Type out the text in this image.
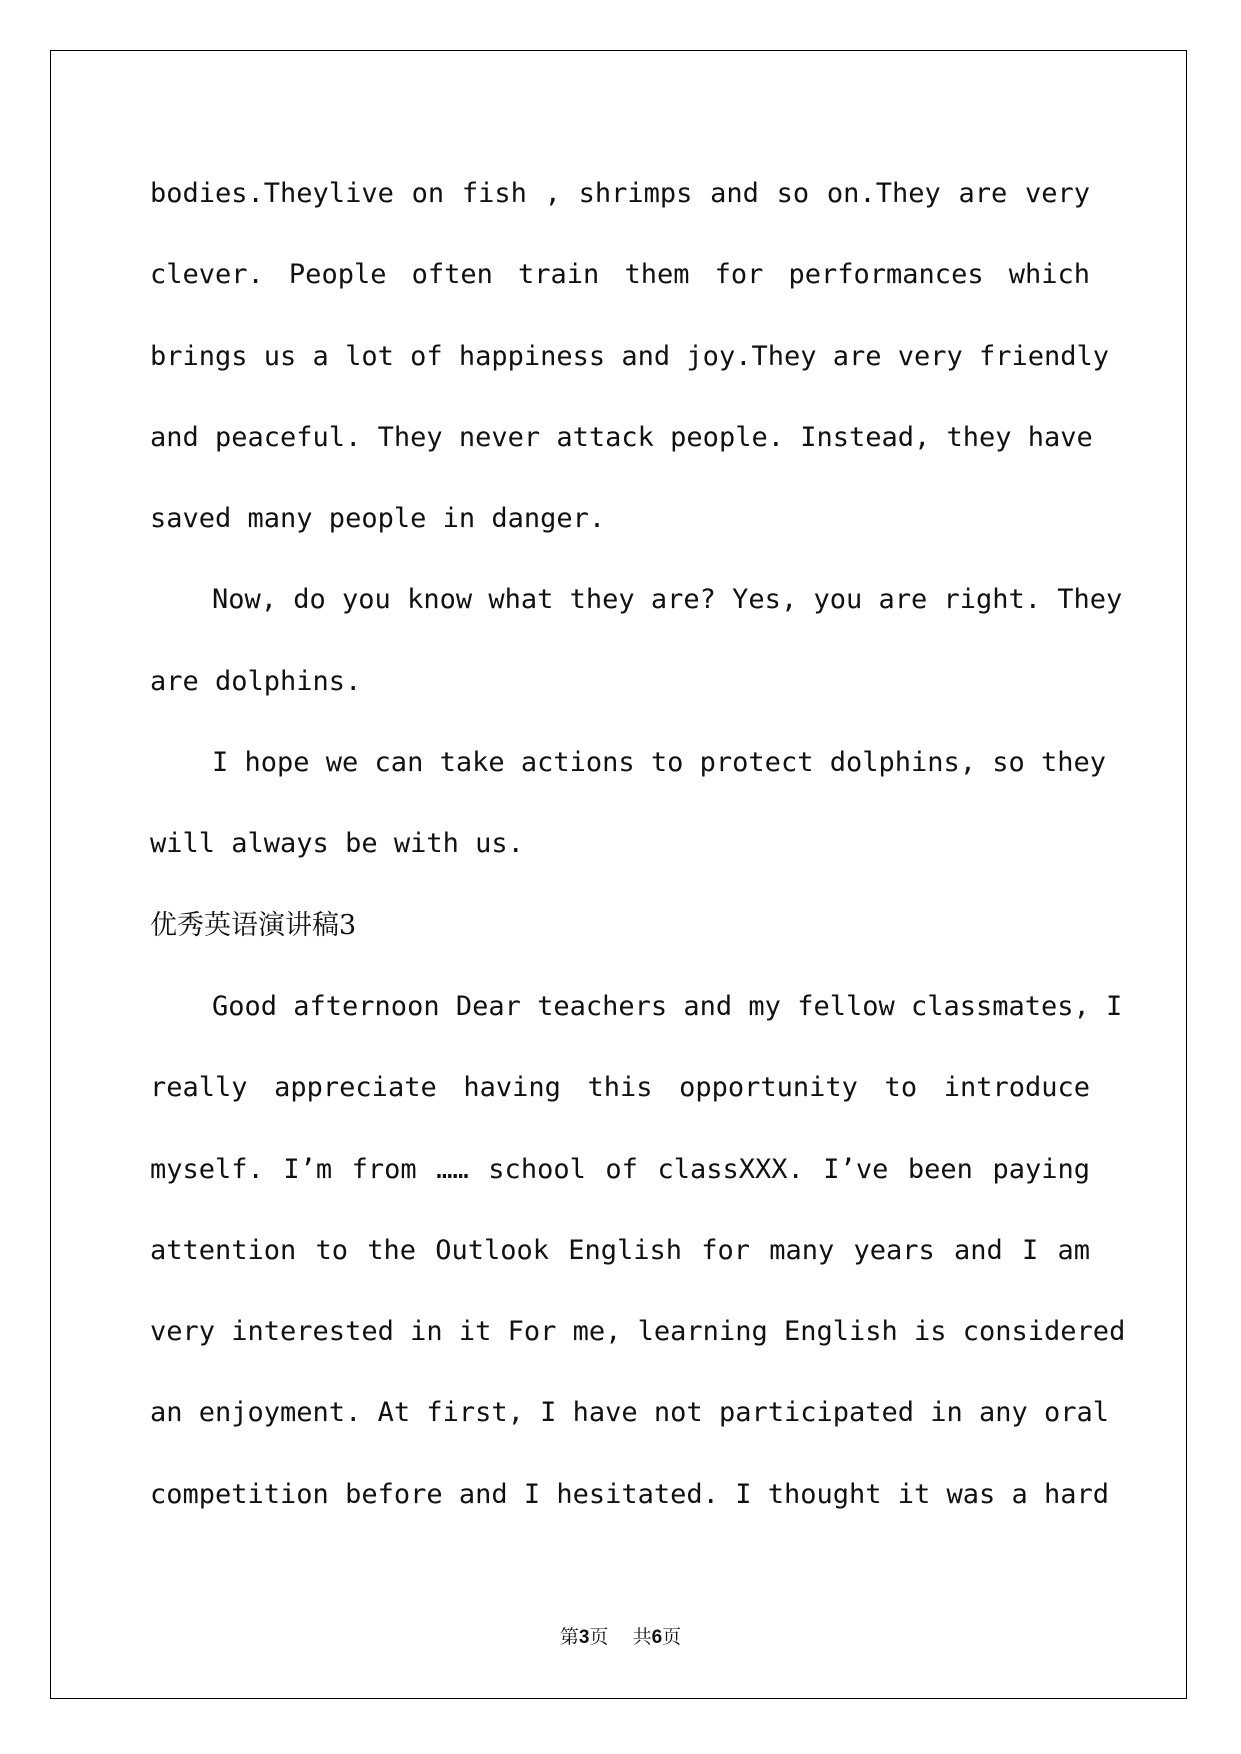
bodies.Theylive on fish , shrimps and so on.They are very
clever. People often train them for performances which
brings us a lot of happiness and joy.They are very friendly
and peaceful. They never attack people. Instead, they have
saved many people in danger.
Now, do you know what they are? Yes, you are right. They
are dolphins.
I hope we can take actions to protect dolphins, so they
will always be with us.
优秀英语演讲稿3
Good afternoon Dear teachers and my fellow classmates, I
really appreciate having this opportunity to introduce
myself. I’m from …… school of classXXX. I’ve been paying
attention to the Outlook English for many years and I am
very interested in it For me, learning English is considered
an enjoyment. At first, I have not participated in any oral
competition before and I hesitated. I thought it was a hard
第3页    共6页
